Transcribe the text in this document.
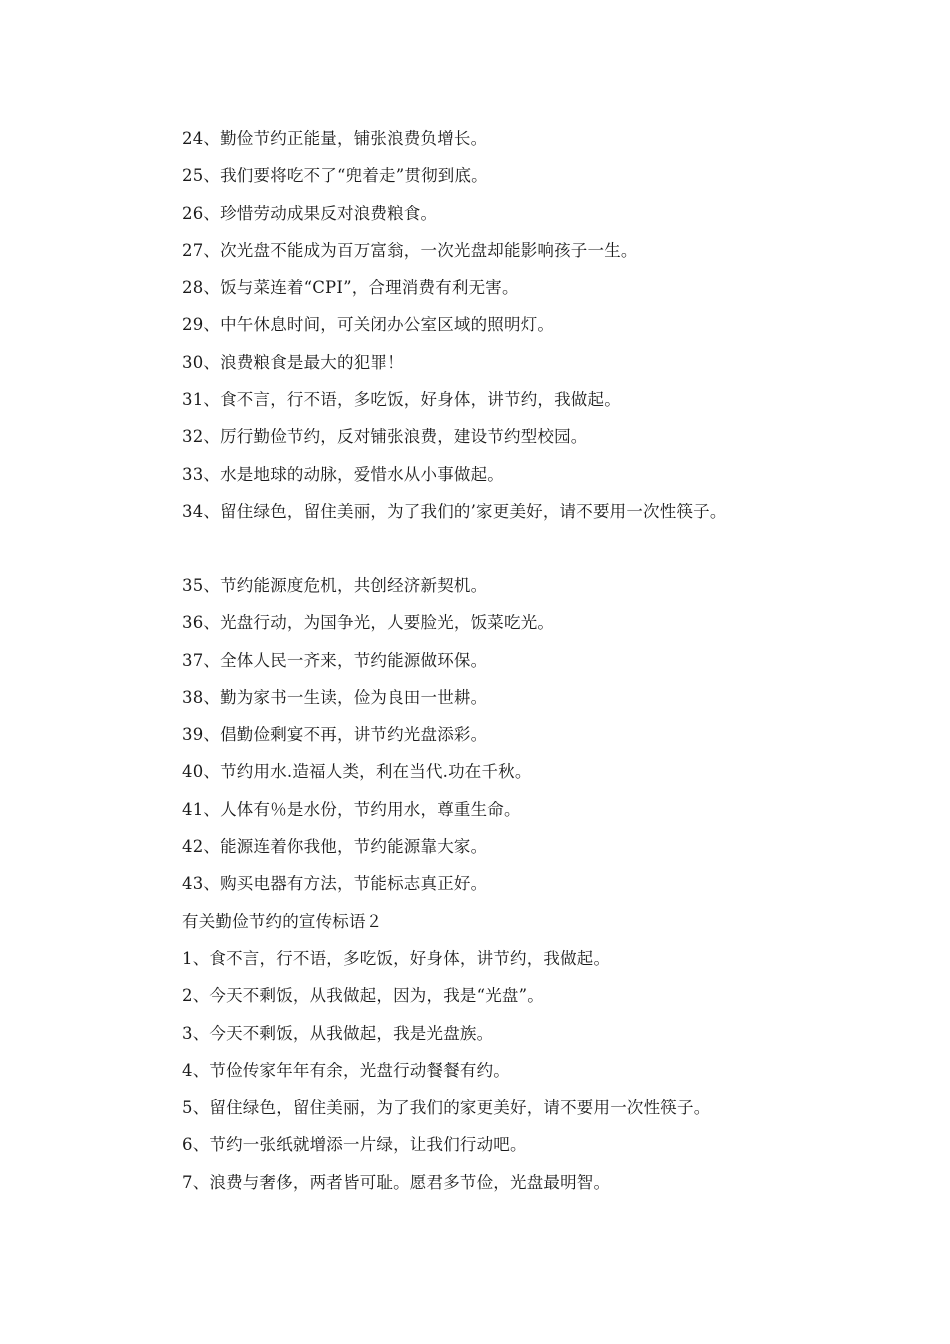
24、勤俭节约正能量，铺张浪费负增长。
25、我们要将吃不了“兜着走”贯彻到底。
26、珍惜劳动成果反对浪费粮食。
27、次光盘不能成为百万富翁，一次光盘却能影响孩子一生。
28、饭与菜连着“CPI”，合理消费有利无害。
29、中午休息时间，可关闭办公室区域的照明灯。
30、浪费粮食是最大的犯罪！
31、食不言，行不语，多吃饭，好身体，讲节约，我做起。
32、厉行勤俭节约，反对铺张浪费，建设节约型校园。
33、水是地球的动脉，爱惜水从小事做起。
34、留住绿色，留住美丽，为了我们的’家更美好，请不要用一次性筷子。
35、节约能源度危机，共创经济新契机。
36、光盘行动，为国争光，人要脸光，饭菜吃光。
37、全体人民一齐来，节约能源做环保。
38、勤为家书一生读，俭为良田一世耕。
39、倡勤俭剩宴不再，讲节约光盘添彩。
40、节约用水.造福人类，利在当代.功在千秋。
41、人体有％是水份，节约用水，尊重生命。
42、能源连着你我他，节约能源靠大家。
43、购买电器有方法，节能标志真正好。
有关勤俭节约的宣传标语２
1、食不言，行不语，多吃饭，好身体，讲节约，我做起。
2、今天不剩饭，从我做起，因为，我是“光盘”。
3、今天不剩饭，从我做起，我是光盘族。
4、节俭传家年年有余，光盘行动餐餐有约。
5、留住绿色，留住美丽，为了我们的家更美好，请不要用一次性筷子。
6、节约一张纸就增添一片绿，让我们行动吧。
7、浪费与奢侈，两者皆可耻。愿君多节俭，光盘最明智。
